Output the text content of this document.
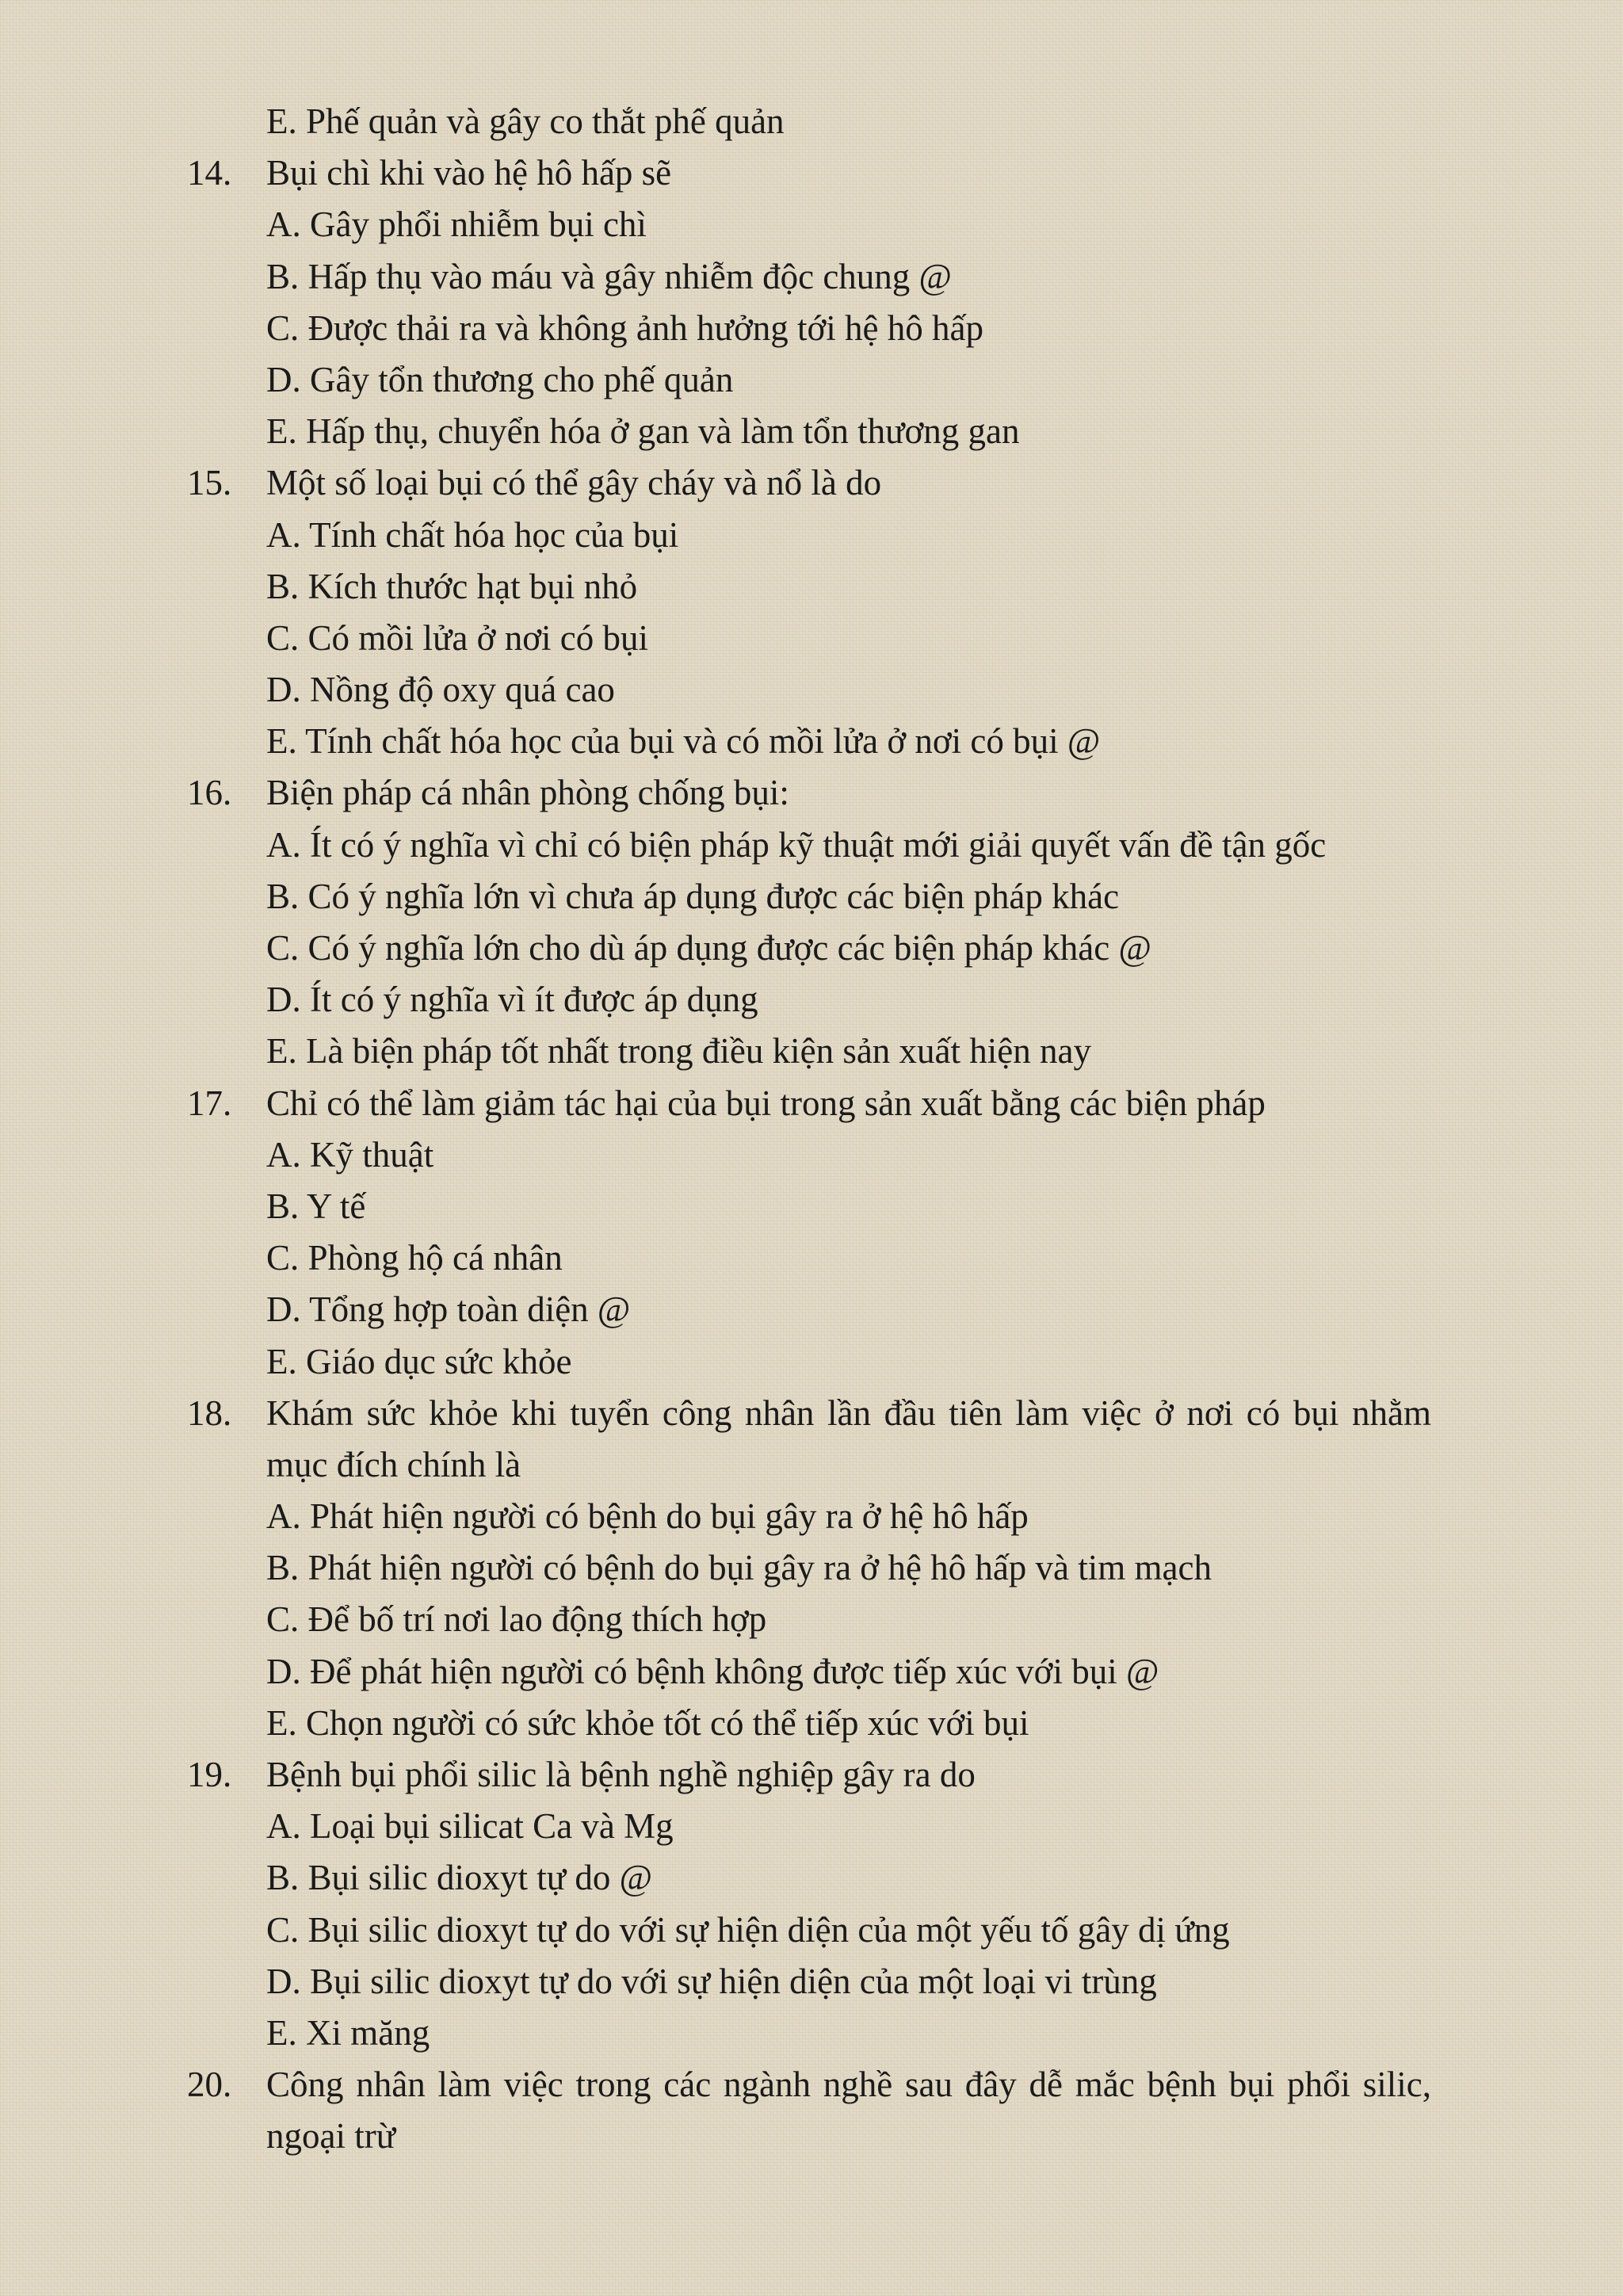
E. Phế quản và gây co thắt phế quản
14. Bụi chì khi vào hệ hô hấp sẽ
A. Gây phổi nhiễm bụi chì
B. Hấp thụ vào máu và gây nhiễm độc chung @
C. Được thải ra và không ảnh hưởng tới hệ hô hấp
D. Gây tổn thương cho phế quản
E. Hấp thụ, chuyển hóa ở gan và làm tổn thương gan
15. Một số loại bụi có thể gây cháy và nổ là do
A. Tính chất hóa học của bụi
B. Kích thước hạt bụi nhỏ
C. Có mồi lửa ở nơi có bụi
D. Nồng độ oxy quá cao
E. Tính chất hóa học của bụi và có mồi lửa ở nơi có bụi @
16. Biện pháp cá nhân phòng chống bụi:
A. Ít có ý nghĩa vì chỉ có biện pháp kỹ thuật mới giải quyết vấn đề tận gốc
B. Có ý nghĩa lớn vì chưa áp dụng được các biện pháp khác
C. Có ý nghĩa lớn cho dù áp dụng được các biện pháp khác @
D. Ít có ý nghĩa vì ít được áp dụng
E. Là biện pháp tốt nhất trong điều kiện sản xuất hiện nay
17. Chỉ có thể làm giảm tác hại của bụi trong sản xuất bằng các biện pháp
A. Kỹ thuật
B. Y tế
C. Phòng hộ cá nhân
D. Tổng hợp toàn diện @
E. Giáo dục sức khỏe
18. Khám sức khỏe khi tuyển công nhân lần đầu tiên làm việc ở nơi có bụi nhằm mục đích chính là
A. Phát hiện người có bệnh do bụi gây ra ở hệ hô hấp
B. Phát hiện người có bệnh do bụi gây ra ở hệ hô hấp và tim mạch
C. Để bố trí nơi lao động thích hợp
D. Để phát hiện người có bệnh không được tiếp xúc với bụi @
E. Chọn người có sức khỏe tốt có thể tiếp xúc với bụi
19. Bệnh bụi phổi silic là bệnh nghề nghiệp gây ra do
A. Loại bụi silicat Ca và Mg
B. Bụi silic dioxyt tự do @
C. Bụi silic dioxyt tự do với sự hiện diện của một yếu tố gây dị ứng
D. Bụi silic dioxyt tự do với sự hiện diện của một loại vi trùng
E. Xi măng
20. Công nhân làm việc trong các ngành nghề sau đây dễ mắc bệnh bụi phổi silic, ngoại trừ
